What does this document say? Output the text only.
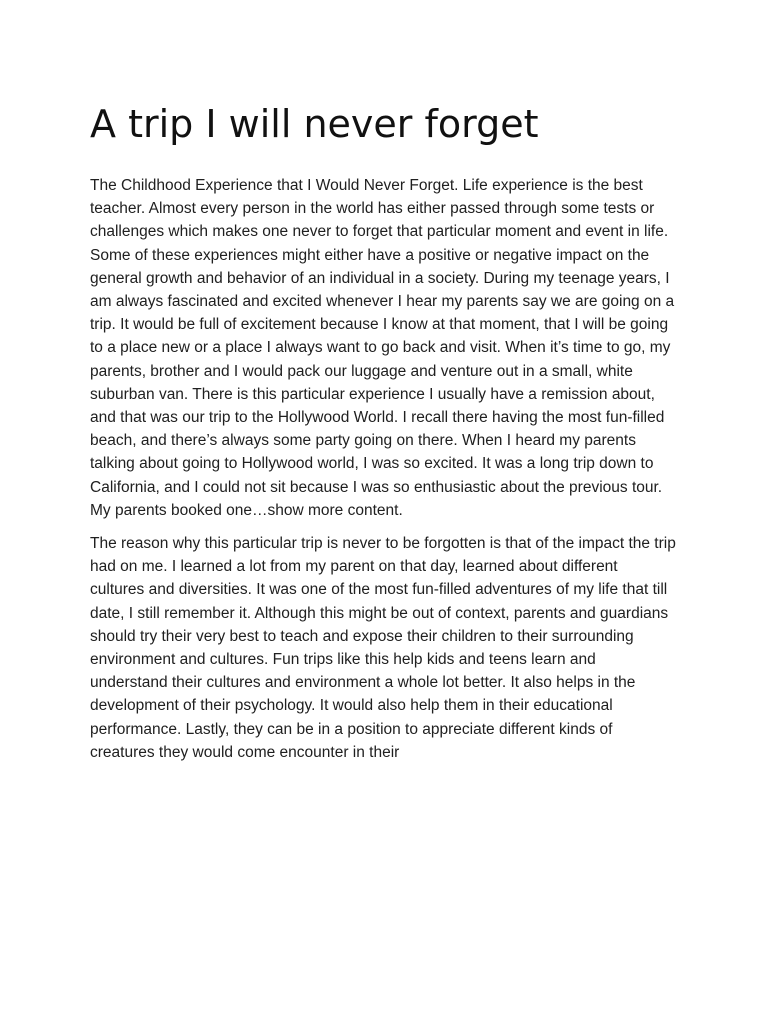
A trip I will never forget

The Childhood Experience that I Would Never Forget. Life experience is the best teacher. Almost every person in the world has either passed through some tests or challenges which makes one never to forget that particular moment and event in life. Some of these experiences might either have a positive or negative impact on the general growth and behavior of an individual in a society. During my teenage years, I am always fascinated and excited whenever I hear my parents say we are going on a trip. It would be full of excitement because I know at that moment, that I will be going to a place new or a place I always want to go back and visit. When it’s time to go, my parents, brother and I would pack our luggage and venture out in a small, white suburban van. There is this particular experience I usually have a remission about, and that was our trip to the Hollywood World. I recall there having the most fun-filled beach, and there’s always some party going on there. When I heard my parents talking about going to Hollywood world, I was so excited. It was a long trip down to California, and I could not sit because I was so enthusiastic about the previous tour. My parents booked one…show more content.

The reason why this particular trip is never to be forgotten is that of the impact the trip had on me. I learned a lot from my parent on that day, learned about different cultures and diversities. It was one of the most fun-filled adventures of my life that till date, I still remember it. Although this might be out of context, parents and guardians should try their very best to teach and expose their children to their surrounding environment and cultures. Fun trips like this help kids and teens learn and understand their cultures and environment a whole lot better. It also helps in the development of their psychology. It would also help them in their educational performance. Lastly, they can be in a position to appreciate different kinds of creatures they would come encounter in their
